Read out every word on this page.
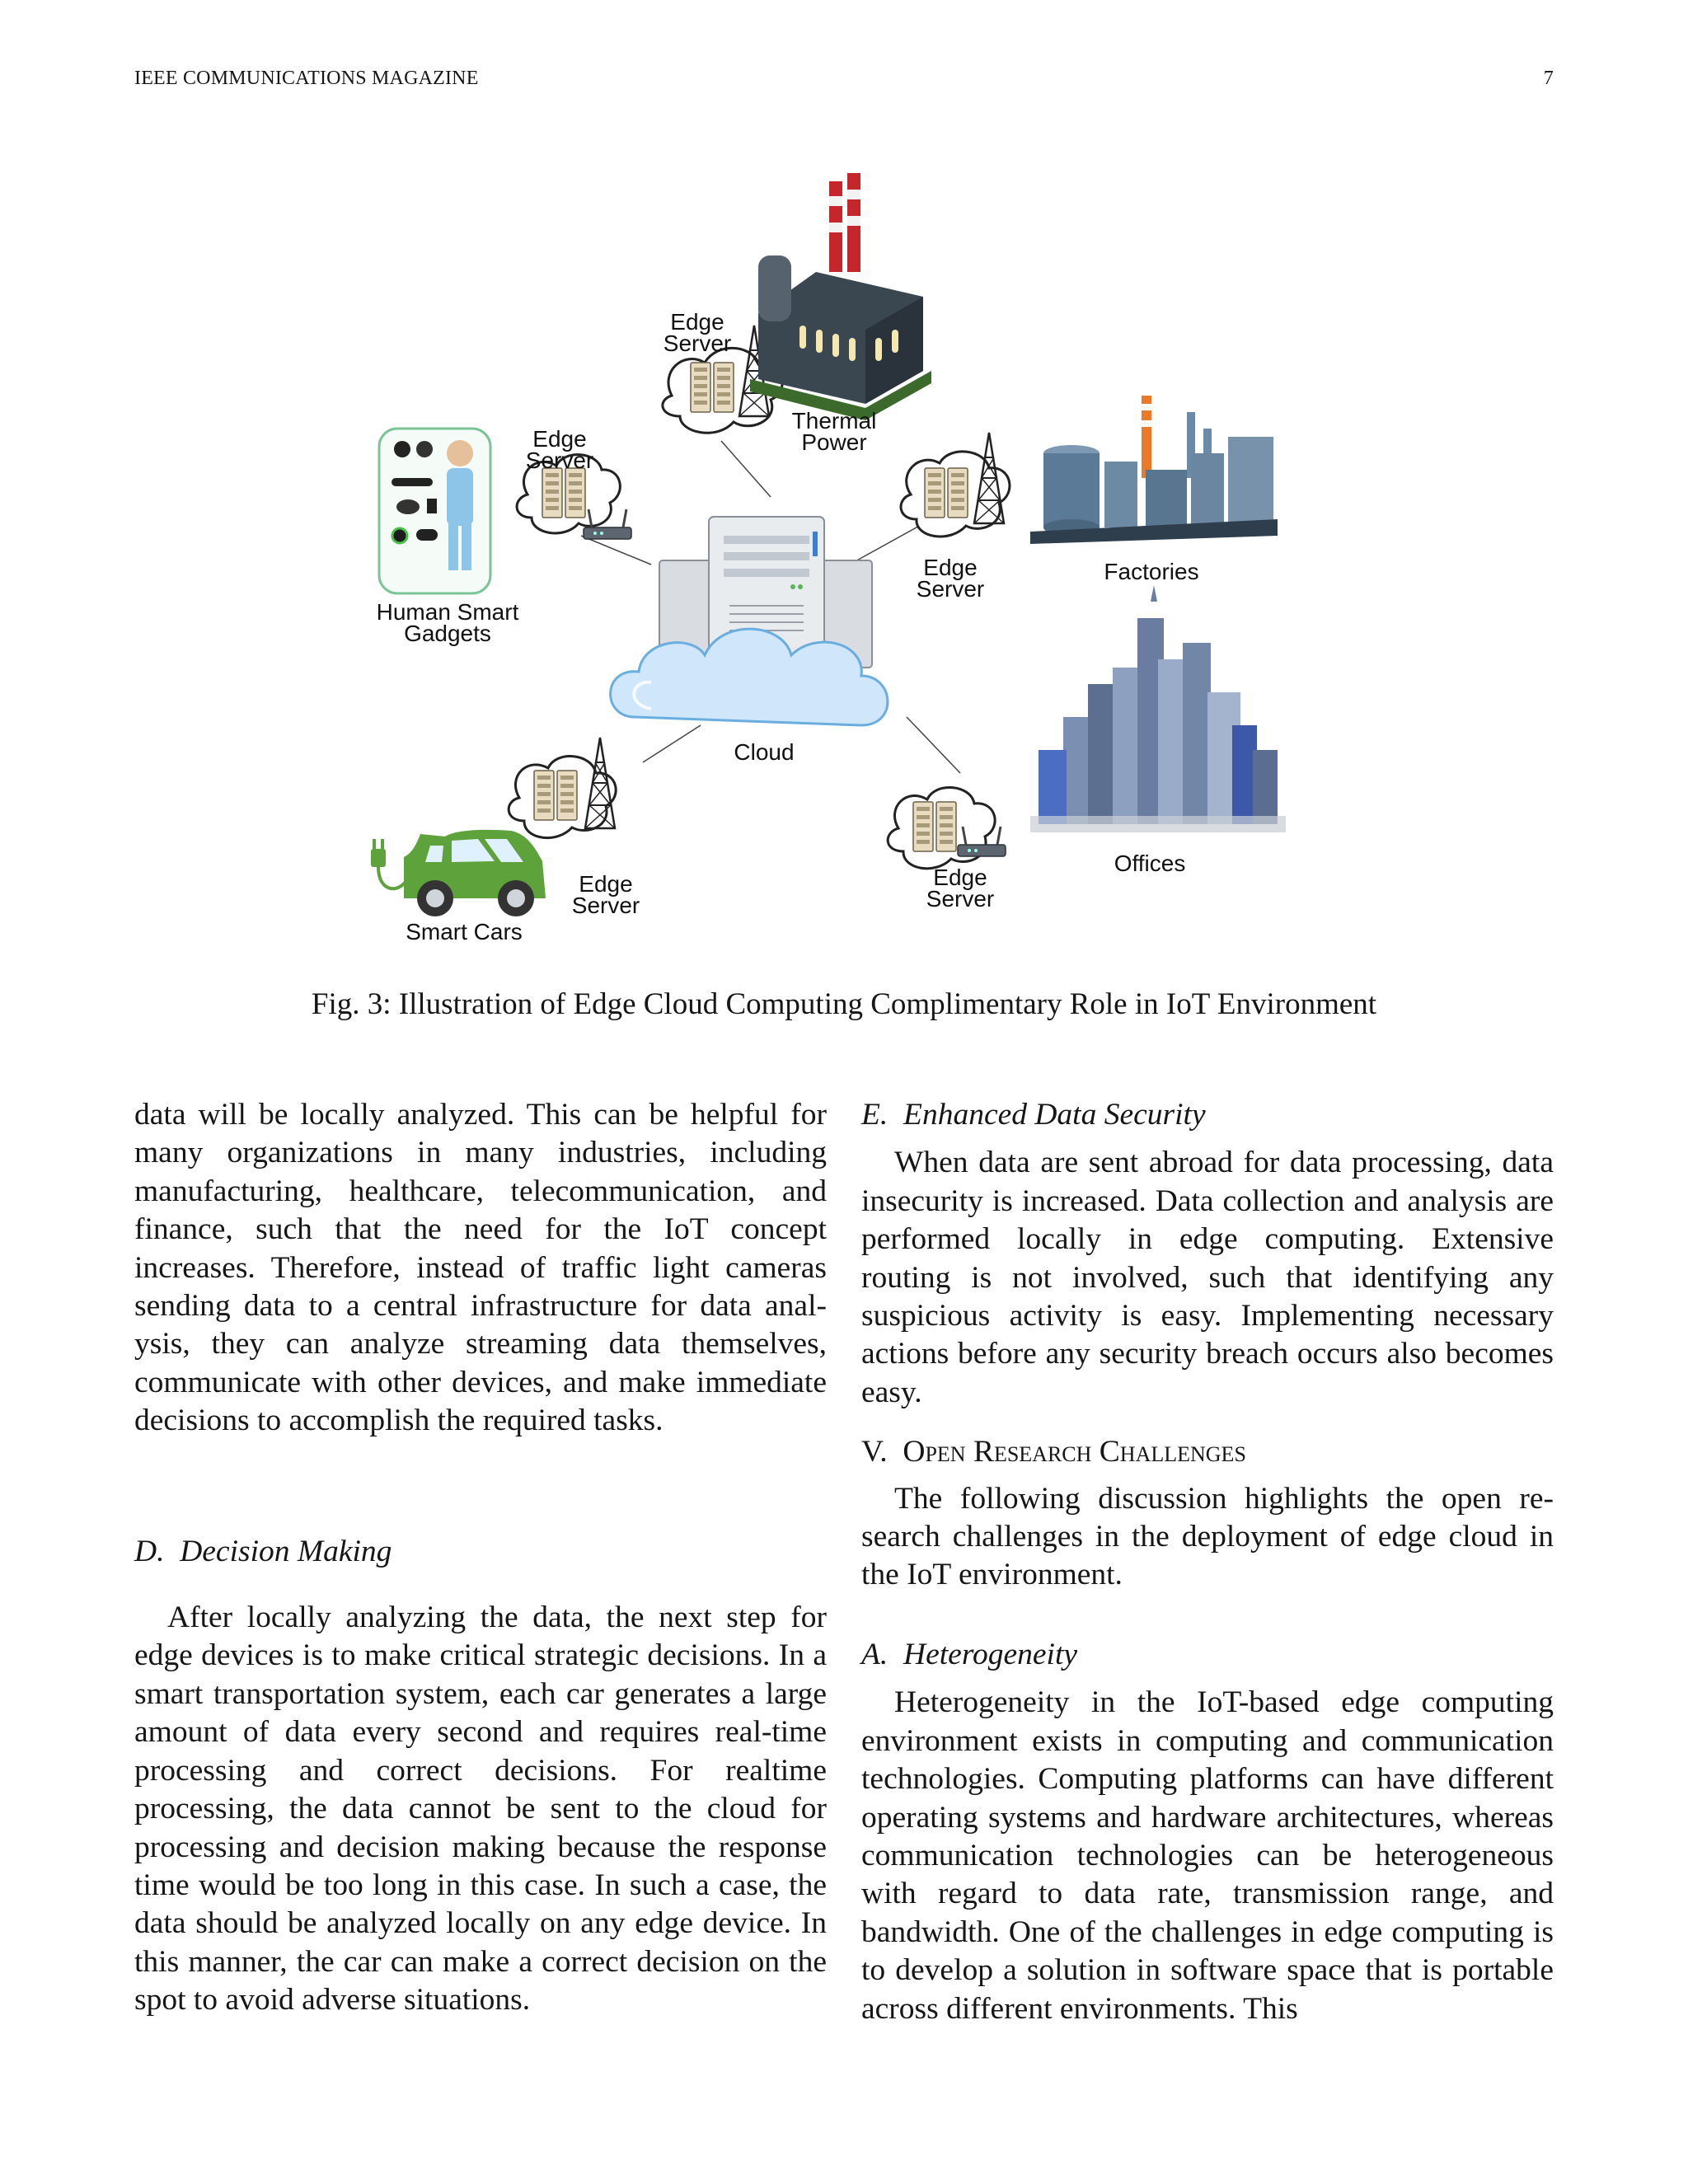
IEEE COMMUNICATIONS MAGAZINE	7
Cloud
Edge
Server
Thermal
Power
Human Smart
Gadgets
Edge
Server
Edge
Server
Factories
Edge
Server
Smart Cars
Edge
Server
Offices
Fig. 3: Illustration of Edge Cloud Computing Complimentary Role in IoT Environment

data will be locally analyzed. This can be helpful for many organizations in many industries, including manufacturing, healthcare, telecommunication, and finance, such that the need for the IoT concept increases. Therefore, instead of traffic light cameras sending data to a central infrastructure for data analysis, they can analyze streaming data themselves, communicate with other devices, and make immediate decisions to accomplish the required tasks.

D. Decision Making

After locally analyzing the data, the next step for edge devices is to make critical strategic decisions. In a smart transportation system, each car generates a large amount of data every second and requires real-time processing and correct decisions. For realtime processing, the data cannot be sent to the cloud for processing and decision making because the response time would be too long in this case. In such a case, the data should be analyzed locally on any edge device. In this manner, the car can make a correct decision on the spot to avoid adverse situations.

E. Enhanced Data Security

When data are sent abroad for data processing, data insecurity is increased. Data collection and analysis are performed locally in edge computing. Extensive routing is not involved, such that identifying any suspicious activity is easy. Implementing necessary actions before any security breach occurs also becomes easy.

V. Open Research Challenges

The following discussion highlights the open research challenges in the deployment of edge cloud in the IoT environment.

A. Heterogeneity

Heterogeneity in the IoT-based edge computing environment exists in computing and communication technologies. Computing platforms can have different operating systems and hardware architectures, whereas communication technologies can be heterogeneous with regard to data rate, transmission range, and bandwidth. One of the challenges in edge computing is to develop a solution in software space that is portable across different environments. This
